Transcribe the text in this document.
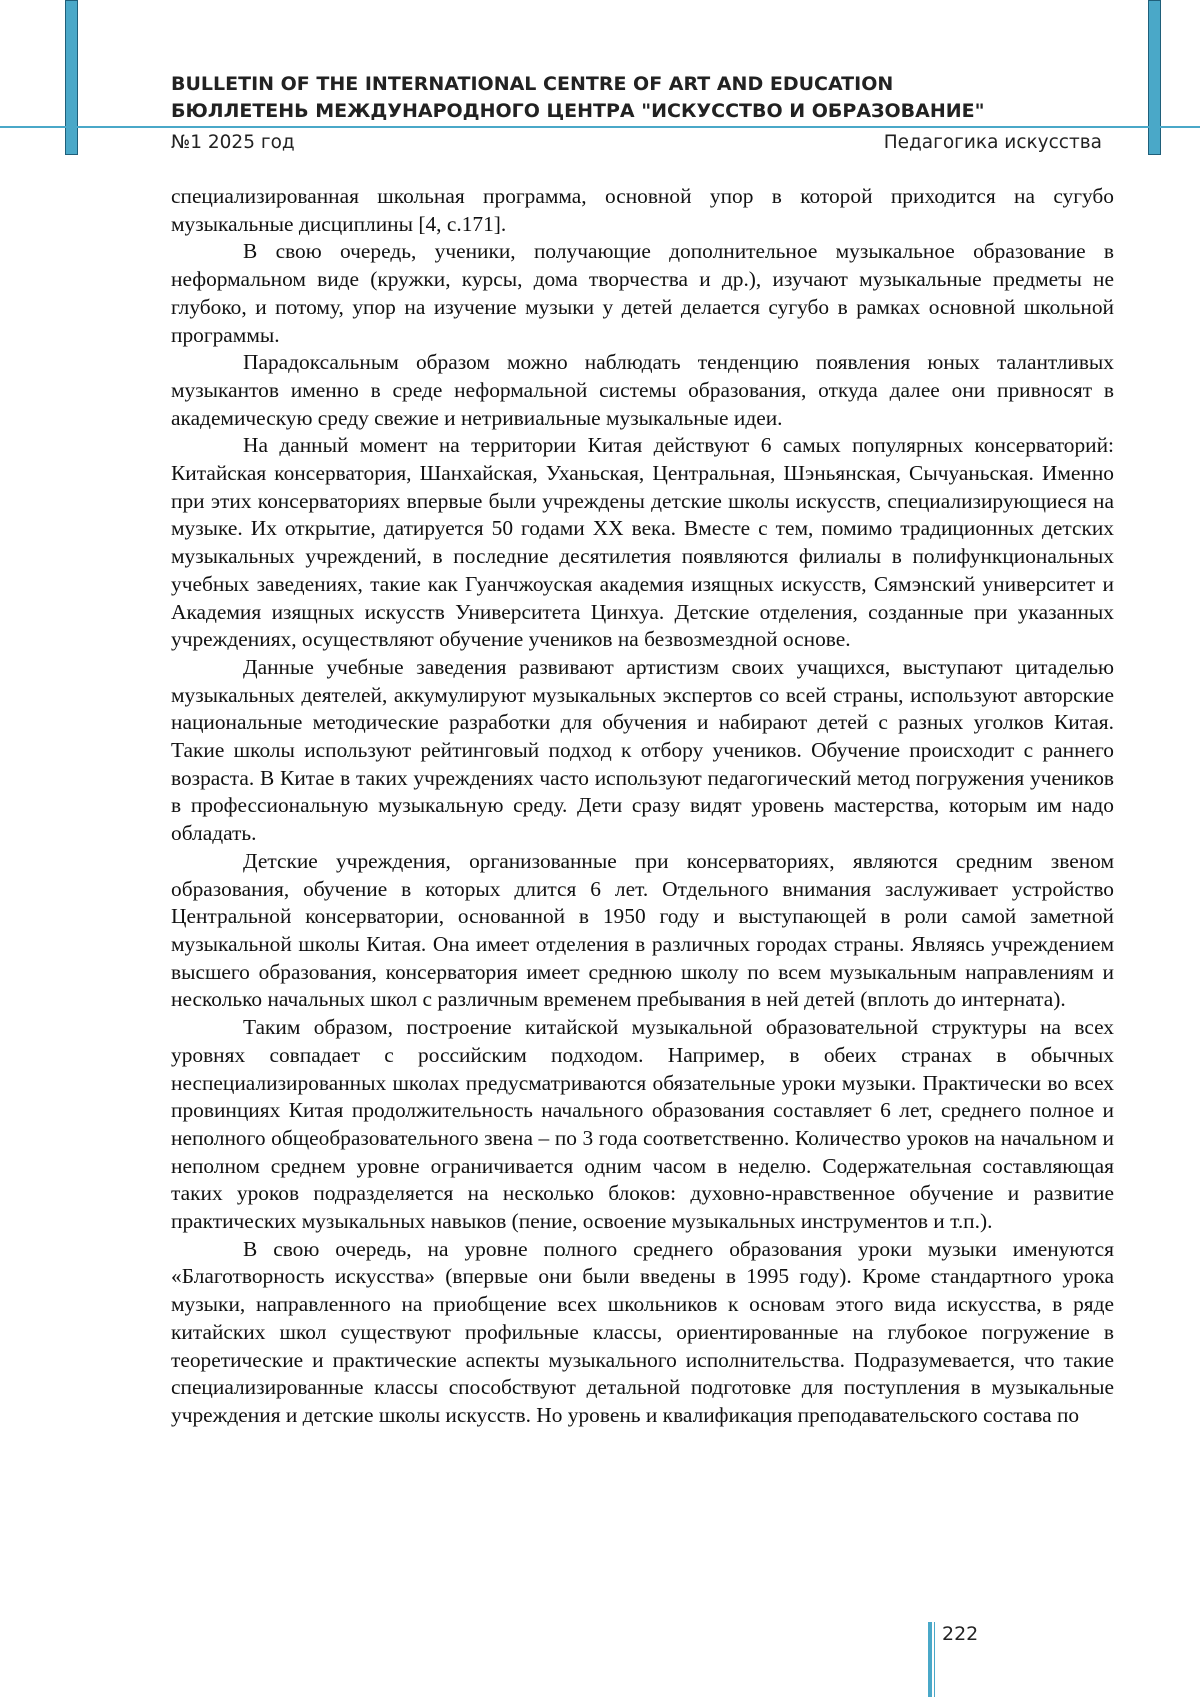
BULLETIN OF THE INTERNATIONAL CENTRE OF ART AND EDUCATION
БЮЛЛЕТЕНЬ МЕЖДУНАРОДНОГО ЦЕНТРА "ИСКУССТВО И ОБРАЗОВАНИЕ"
№1 2025 год	Педагогика искусства

специализированная школьная программа, основной упор в которой приходится на сугубо музыкальные дисциплины [4, с.171].

В свою очередь, ученики, получающие дополнительное музыкальное образование в неформальном виде (кружки, курсы, дома творчества и др.), изучают музыкальные предметы не глубоко, и потому, упор на изучение музыки у детей делается сугубо в рамках основной школьной программы.

Парадоксальным образом можно наблюдать тенденцию появления юных талантливых музыкантов именно в среде неформальной системы образования, откуда далее они привносят в академическую среду свежие и нетривиальные музыкальные идеи.

На данный момент на территории Китая действуют 6 самых популярных консерваторий: Китайская консерватория, Шанхайская, Уханьская, Центральная, Шэньянская, Сычуаньская. Именно при этих консерваториях впервые были учреждены детские школы искусств, специализирующиеся на музыке. Их открытие, датируется 50 годами XX века. Вместе с тем, помимо традиционных детских музыкальных учреждений, в последние десятилетия появляются филиалы в полифункциональных учебных заведениях, такие как Гуанчжоуская академия изящных искусств, Сямэнский университет и Академия изящных искусств Университета Цинхуа. Детские отделения, созданные при указанных учреждениях, осуществляют обучение учеников на безвозмездной основе.

Данные учебные заведения развивают артистизм своих учащихся, выступают цитаделью музыкальных деятелей, аккумулируют музыкальных экспертов со всей страны, используют авторские национальные методические разработки для обучения и набирают детей с разных уголков Китая. Такие школы используют рейтинговый подход к отбору учеников. Обучение происходит с раннего возраста. В Китае в таких учреждениях часто используют педагогический метод погружения учеников в профессиональную музыкальную среду. Дети сразу видят уровень мастерства, которым им надо обладать.

Детские учреждения, организованные при консерваториях, являются средним звеном образования, обучение в которых длится 6 лет. Отдельного внимания заслуживает устройство Центральной консерватории, основанной в 1950 году и выступающей в роли самой заметной музыкальной школы Китая. Она имеет отделения в различных городах страны. Являясь учреждением высшего образования, консерватория имеет среднюю школу по всем музыкальным направлениям и несколько начальных школ с различным временем пребывания в ней детей (вплоть до интерната).

Таким образом, построение китайской музыкальной образовательной структуры на всех уровнях совпадает с российским подходом. Например, в обеих странах в обычных неспециализированных школах предусматриваются обязательные уроки музыки. Практически во всех провинциях Китая продолжительность начального образования составляет 6 лет, среднего полное и неполного общеобразовательного звена – по 3 года соответственно. Количество уроков на начальном и неполном среднем уровне ограничивается одним часом в неделю. Содержательная составляющая таких уроков подразделяется на несколько блоков: духовно-нравственное обучение и развитие практических музыкальных навыков (пение, освоение музыкальных инструментов и т.п.).

В свою очередь, на уровне полного среднего образования уроки музыки именуются «Благотворность искусства» (впервые они были введены в 1995 году). Кроме стандартного урока музыки, направленного на приобщение всех школьников к основам этого вида искусства, в ряде китайских школ существуют профильные классы, ориентированные на глубокое погружение в теоретические и практические аспекты музыкального исполнительства. Подразумевается, что такие специализированные классы способствуют детальной подготовке для поступления в музыкальные учреждения и детские школы искусств. Но уровень и квалификация преподавательского состава по

222
